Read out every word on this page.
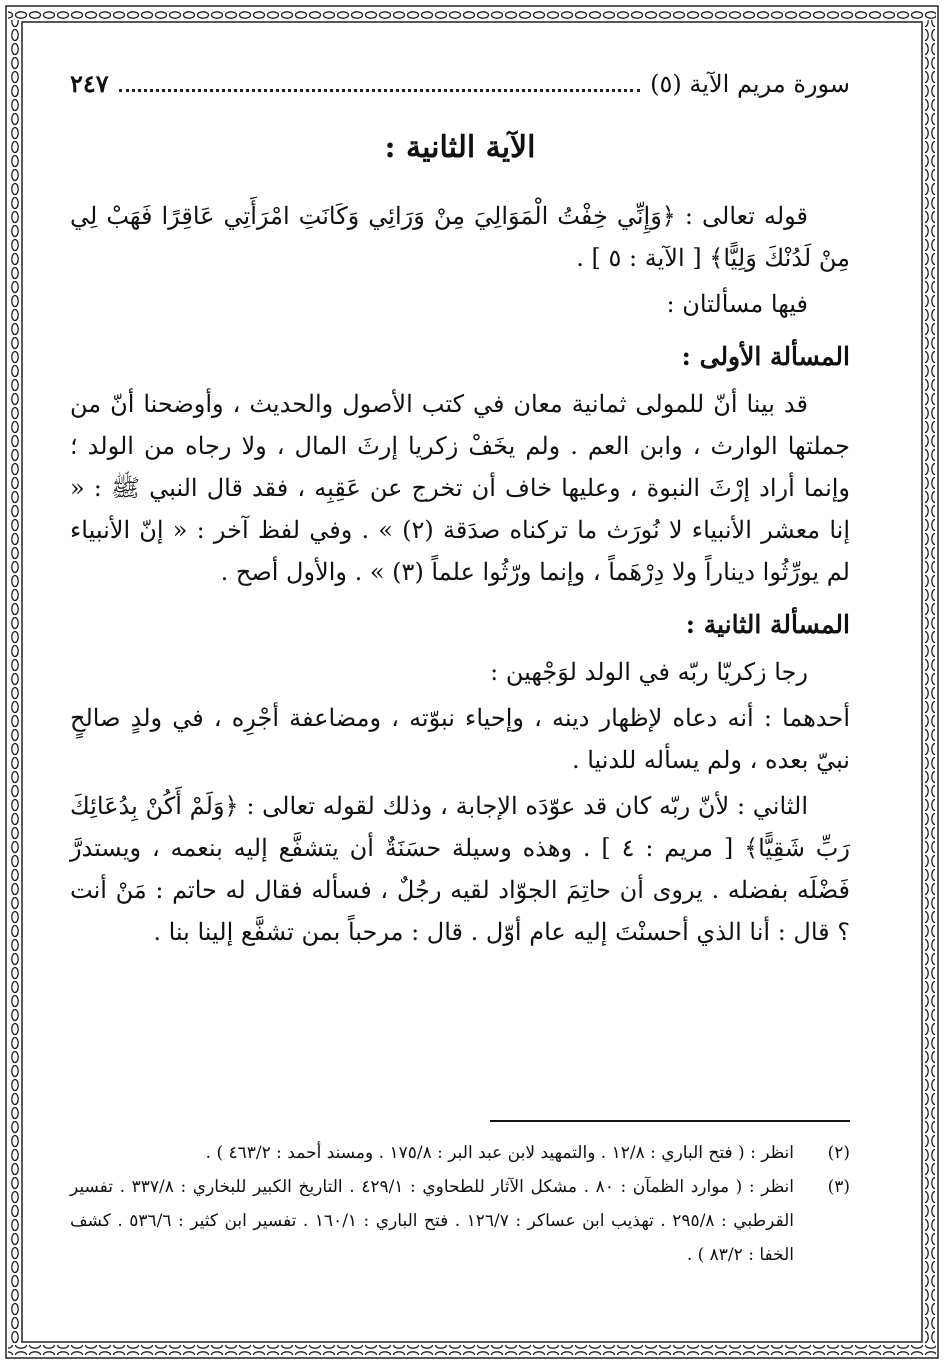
سورة مريم الآية (٥)
٢٤٧
الآية الثانية :

قوله تعالى : ﴿وَإِنِّي خِفْتُ الْمَوَالِيَ مِنْ وَرَائِي وَكَانَتِ امْرَأَتِي عَاقِرًا فَهَبْ لِي مِنْ لَدُنْكَ وَلِيًّا﴾ [ الآية : ٥ ] .

فيها مسألتان :

المسألة الأولى :

قد بينا أنّ للمولى ثمانية معان في كتب الأصول والحديث ، وأوضحنا أنّ من جملتها الوارث ، وابن العم . ولم يخَفْ زكريا إرثَ المال ، ولا رجاه من الولد ؛ وإنما أراد إرْثَ النبوة ، وعليها خاف أن تخرج عن عَقِبِه ، فقد قال النبي ﷺ : « إنا معشر الأنبياء لا نُورَث ما تركناه صدَقة (٢) » . وفي لفظ آخر : « إنّ الأنبياء لم يورِّثُوا ديناراً ولا دِرْهَماً ، وإنما ورّثُوا علماً (٣) » . والأول أصح .

المسألة الثانية :

رجا زكريّا ربّه في الولد لوَجْهين :

أحدهما : أنه دعاه لإظهار دينه ، وإحياء نبوّته ، ومضاعفة أجْرِه ، في ولدٍ صالحٍ نبيّ بعده ، ولم يسأله للدنيا .

الثاني : لأنّ ربّه كان قد عوّدَه الإجابة ، وذلك لقوله تعالى : ﴿وَلَمْ أَكُنْ بِدُعَائِكَ رَبِّ شَقِيًّا﴾ [ مريم : ٤ ] . وهذه وسيلة حسَنَةٌ أن يتشفَّع إليه بنعمه ، ويستدرَّ فَضْلَه بفضله . يروى أن حاتِمَ الجوّاد لقيه رجُلٌ ، فسأله فقال له حاتم : مَنْ أنت ؟ قال : أنا الذي أحسنْتَ إليه عام أوّل . قال : مرحباً بمن تشفَّع إلينا بنا .

(٢)
انظر : ( فتح الباري : ١٢/٨ . والتمهيد لابن عبد البر : ١٧٥/٨ . ومسند أحمد : ٤٦٣/٢ ) .
(٣)
انظر : ( موارد الظمآن : ٨٠ . مشكل الآثار للطحاوي : ٤٢٩/١ . التاريخ الكبير للبخاري : ٣٣٧/٨ . تفسير القرطبي : ٢٩٥/٨ . تهذيب ابن عساكر : ١٢٦/٧ . فتح الباري : ١٦٠/١ . تفسير ابن كثير : ٥٣٦/٦ . كشف الخفا : ٨٣/٢ ) .
